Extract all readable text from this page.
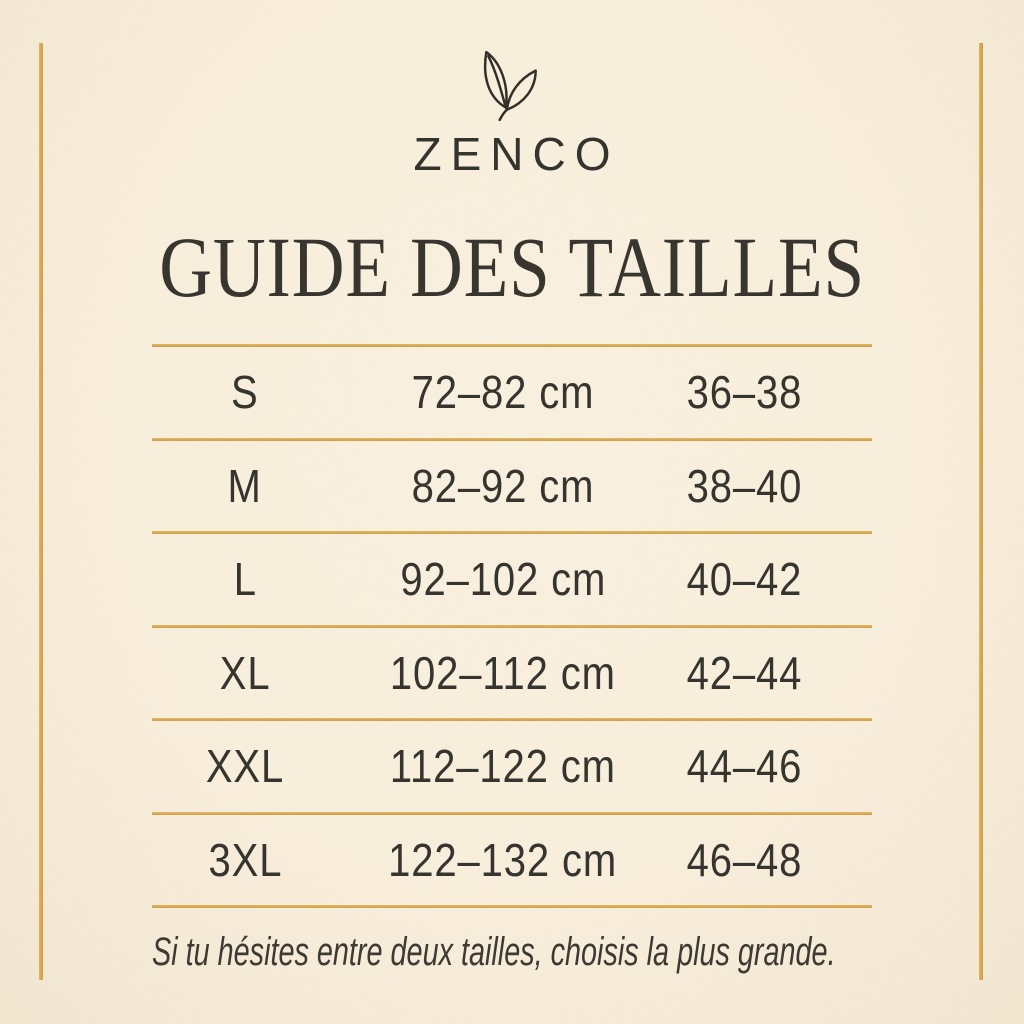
ZENCO
GUIDE DES TAILLES
S	72–82 cm	36–38
M	82–92 cm	38–40
L	92–102 cm	40–42
XL	102–112 cm	42–44
XXL	112–122 cm	44–46
3XL	122–132 cm	46–48
Si tu hésites entre deux tailles, choisis la plus grande.
